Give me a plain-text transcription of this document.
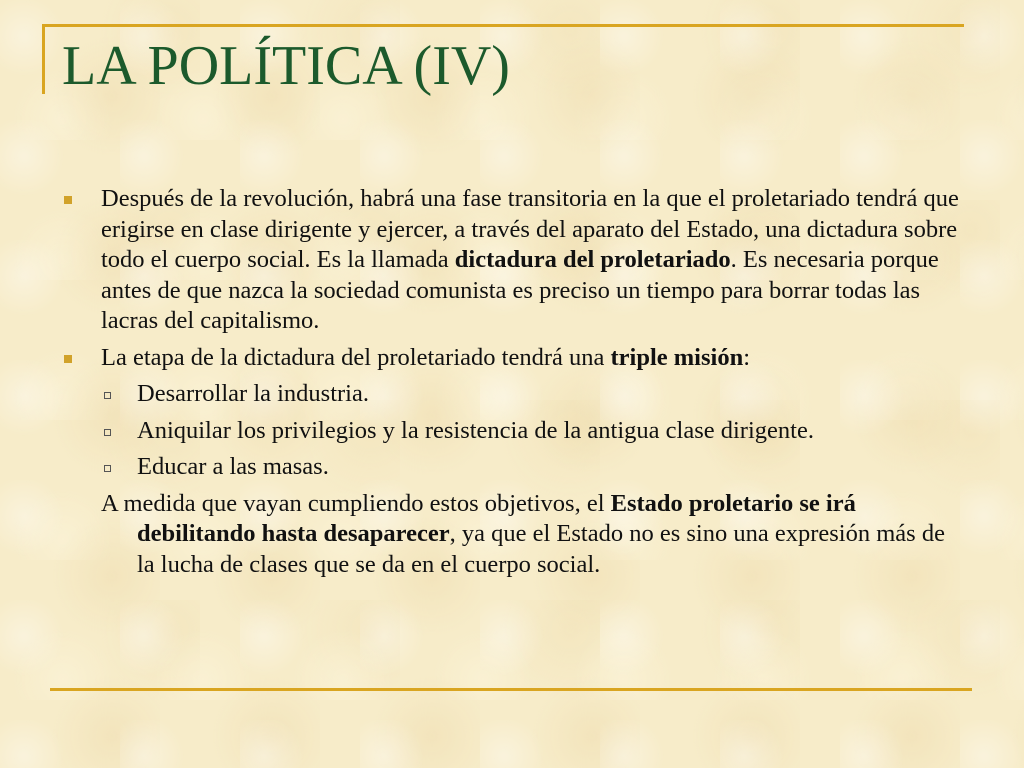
LA POLÍTICA (IV)

Después de la revolución, habrá una fase transitoria en la que el proletariado tendrá que erigirse en clase dirigente y ejercer, a través del aparato del Estado, una dictadura sobre todo el cuerpo social. Es la llamada dictadura del proletariado. Es necesaria porque antes de que nazca la sociedad comunista es preciso un tiempo para borrar todas las lacras del capitalismo.

La etapa de la dictadura del proletariado tendrá una triple misión:

Desarrollar la industria.

Aniquilar los privilegios y la resistencia de la antigua clase dirigente.

Educar a las masas.

A medida que vayan cumpliendo estos objetivos, el Estado proletario se irá debilitando hasta desaparecer, ya que el Estado no es sino una expresión más de la lucha de clases que se da en el cuerpo social.
